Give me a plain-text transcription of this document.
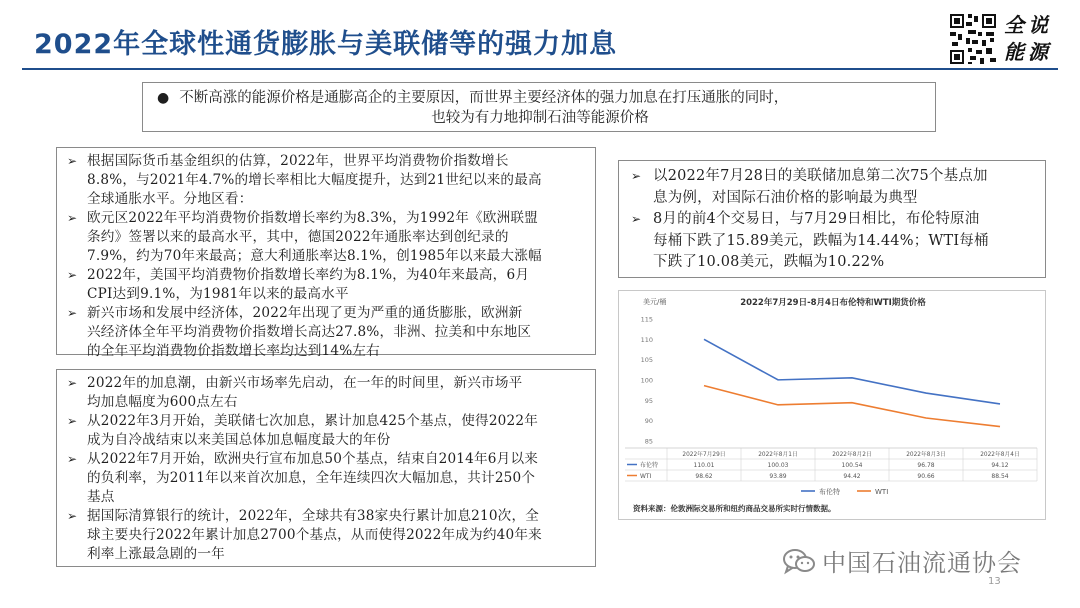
2022年全球性通货膨胀与美联储等的强力加息
全 说
能 源
● 不断高涨的能源价格是通膨高企的主要原因，而世界主要经济体的强力加息在打压通胀的同时，
也较为有力地抑制石油等能源价格
➢ 根据国际货币基金组织的估算，2022年，世界平均消费物价指数增长
8.8%，与2021年4.7%的增长率相比大幅度提升，达到21世纪以来的最高
全球通胀水平。分地区看：
➢ 欧元区2022年平均消费物价指数增长率约为8.3%，为1992年《欧洲联盟
条约》签署以来的最高水平，其中，德国2022年通胀率达到创纪录的
7.9%，约为70年来最高；意大利通胀率达8.1%，创1985年以来最大涨幅
➢ 2022年，美国平均消费物价指数增长率约为8.1%，为40年来最高，6月
CPI达到9.1%，为1981年以来的最高水平
➢ 新兴市场和发展中经济体，2022年出现了更为严重的通货膨胀，欧洲新
兴经济体全年平均消费物价指数增长高达27.8%，非洲、拉美和中东地区
的全年平均消费物价指数增长率均达到14%左右
➢ 2022年的加息潮，由新兴市场率先启动，在一年的时间里，新兴市场平
均加息幅度为600点左右
➢ 从2022年3月开始，美联储七次加息，累计加息425个基点，使得2022年
成为自冷战结束以来美国总体加息幅度最大的年份
➢ 从2022年7月开始，欧洲央行宣布加息50个基点，结束自2014年6月以来
的负利率，为2011年以来首次加息，全年连续四次大幅加息，共计250个
基点
➢ 据国际清算银行的统计，2022年，全球共有38家央行累计加息210次，全
球主要央行2022年累计加息2700个基点，从而使得2022年成为约40年来
利率上涨最急剧的一年
➢ 以2022年7月28日的美联储加息第二次75个基点加
息为例，对国际石油价格的影响最为典型
➢ 8月的前4个交易日，与7月29日相比，布伦特原油
每桶下跌了15.89美元，跌幅为14.44%；WTI每桶
下跌了10.08美元，跌幅为10.22%
美元/桶	2022年7月29日-8月4日布伦特和WTI期货价格
85
90
95
100
105
110
115
2022年7月29日	2022年8月1日	2022年8月2日	2022年8月3日	2022年8月4日
布伦特	110.01	100.03	100.54	96.78	94.12
WTI	98.62	93.89	94.42	90.66	88.54
布伦特	WTI
资料来源：伦敦洲际交易所和纽约商品交易所实时行情数据。
中国石油流通协会
13
